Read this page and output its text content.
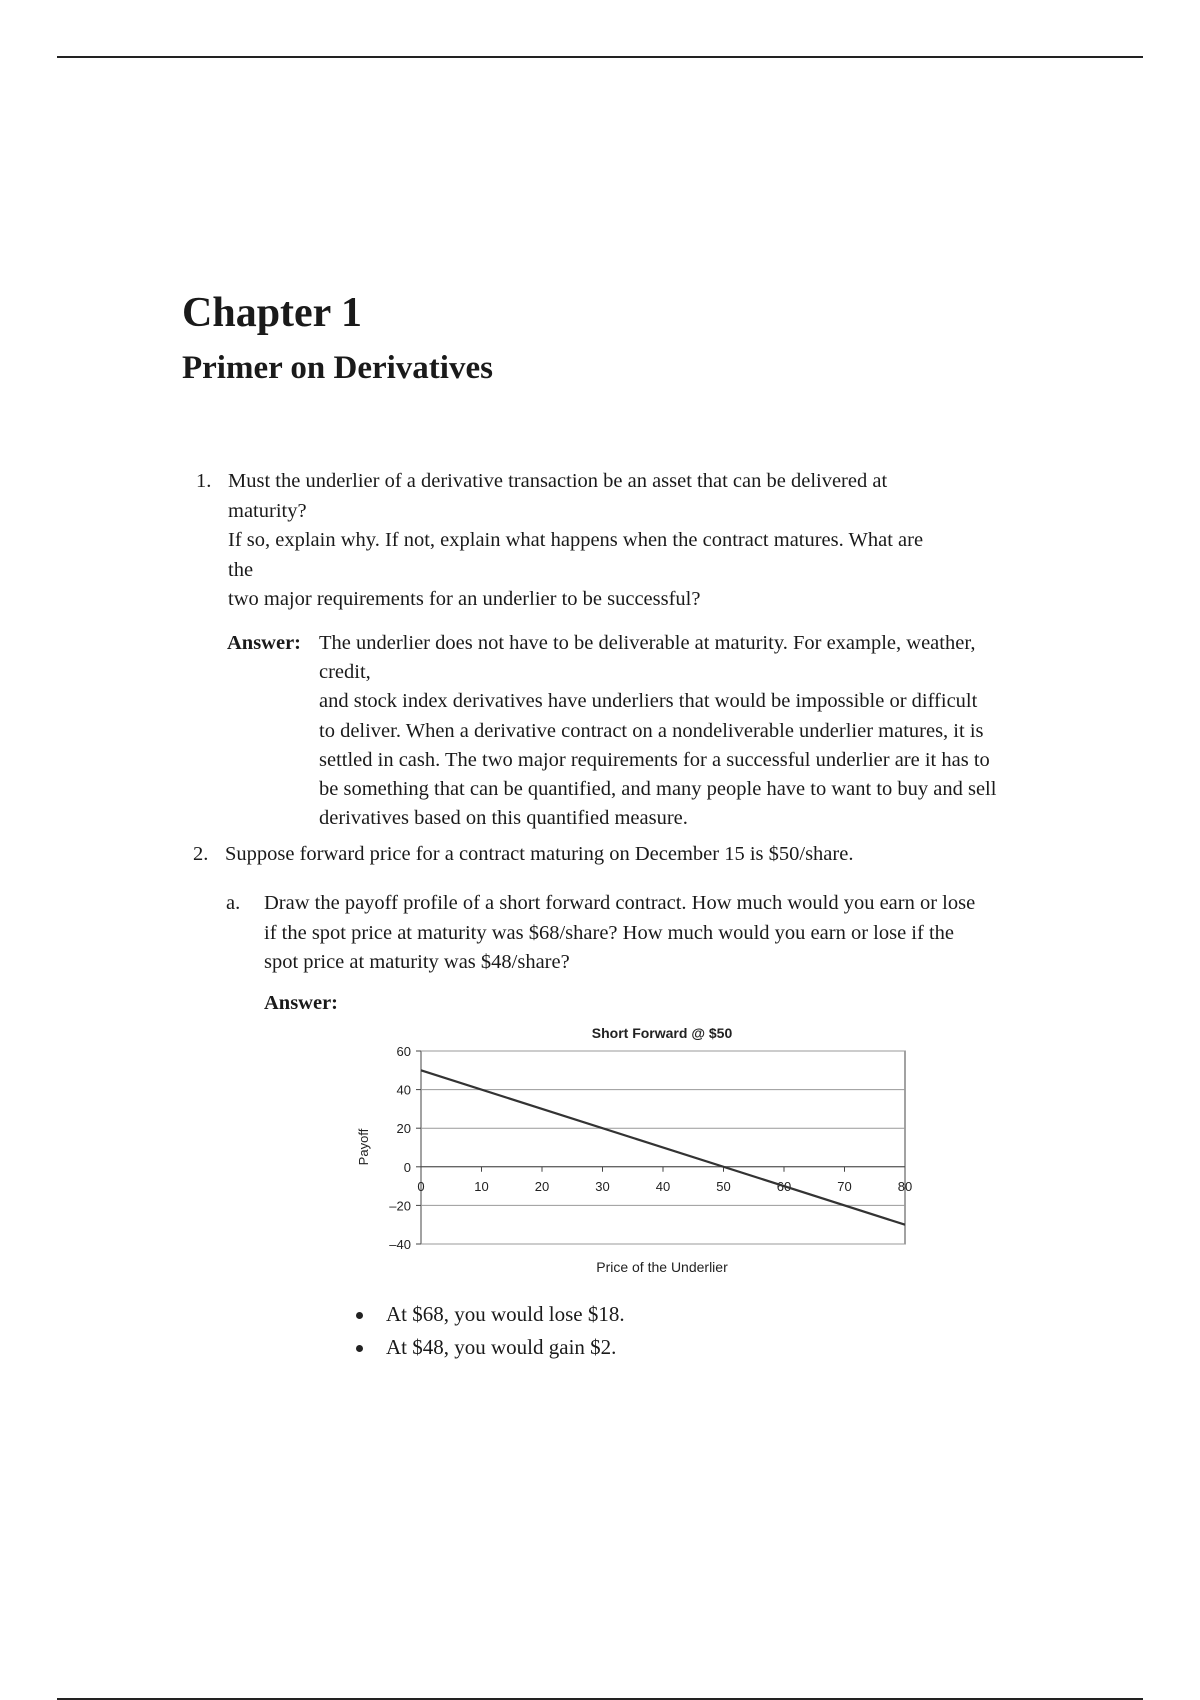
Chapter 1
Primer on Derivatives
1. Must the underlier of a derivative transaction be an asset that can be delivered at
maturity?
If so, explain why. If not, explain what happens when the contract matures. What are
the
two major requirements for an underlier to be successful?
Answer: The underlier does not have to be deliverable at maturity. For example, weather,
credit,
and stock index derivatives have underliers that would be impossible or difficult
to deliver. When a derivative contract on a nondeliverable underlier matures, it is
settled in cash. The two major requirements for a successful underlier are it has to
be something that can be quantified, and many people have to want to buy and sell
derivatives based on this quantified measure.
2. Suppose forward price for a contract maturing on December 15 is $50/share.
a. Draw the payoff profile of a short forward contract. How much would you earn or lose
if the spot price at maturity was $68/share? How much would you earn or lose if the
spot price at maturity was $48/share?
Answer:
Short Forward @ $50
60
40
20
0
–20
–40
0	10	20	30	40	50	60	70	80
Payoff
Price of the Underlier
At $68, you would lose $18.
At $48, you would gain $2.
